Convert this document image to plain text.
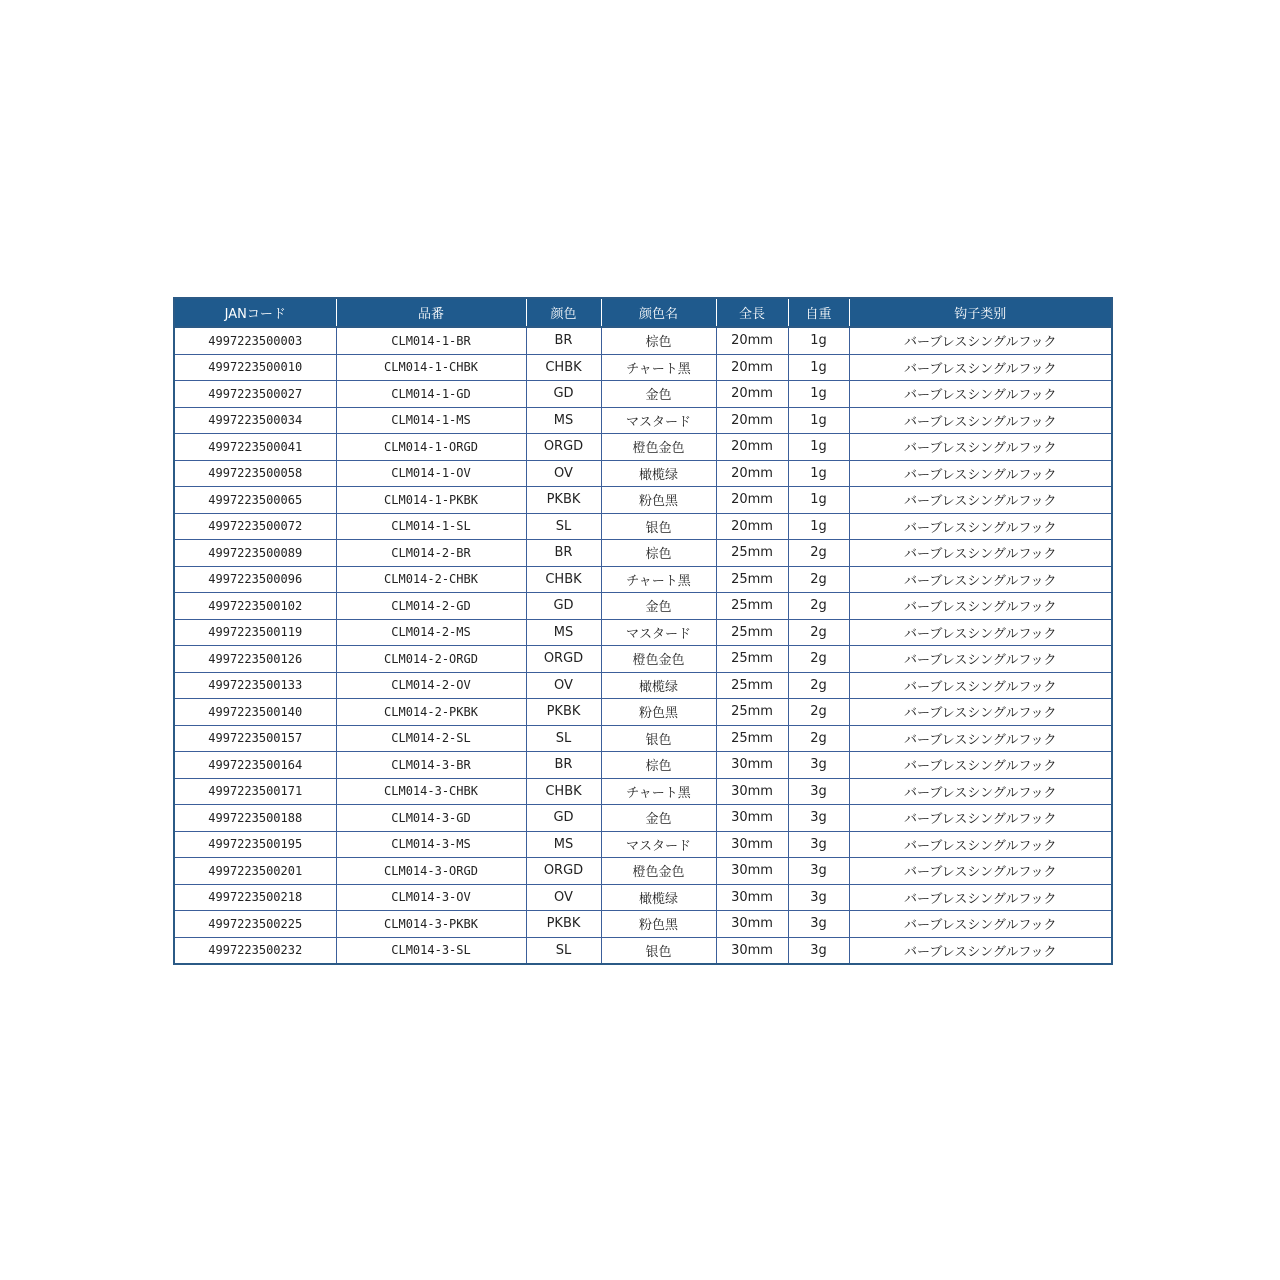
JANコード	品番	颜色	颜色名	全長	自重	钩子类别
4997223500003	CLM014-1-BR	BR	棕色	20mm	1g	バーブレスシングルフック
4997223500010	CLM014-1-CHBK	CHBK	チャート黑	20mm	1g	バーブレスシングルフック
4997223500027	CLM014-1-GD	GD	金色	20mm	1g	バーブレスシングルフック
4997223500034	CLM014-1-MS	MS	マスタード	20mm	1g	バーブレスシングルフック
4997223500041	CLM014-1-ORGD	ORGD	橙色金色	20mm	1g	バーブレスシングルフック
4997223500058	CLM014-1-OV	OV	橄榄绿	20mm	1g	バーブレスシングルフック
4997223500065	CLM014-1-PKBK	PKBK	粉色黑	20mm	1g	バーブレスシングルフック
4997223500072	CLM014-1-SL	SL	银色	20mm	1g	バーブレスシングルフック
4997223500089	CLM014-2-BR	BR	棕色	25mm	2g	バーブレスシングルフック
4997223500096	CLM014-2-CHBK	CHBK	チャート黑	25mm	2g	バーブレスシングルフック
4997223500102	CLM014-2-GD	GD	金色	25mm	2g	バーブレスシングルフック
4997223500119	CLM014-2-MS	MS	マスタード	25mm	2g	バーブレスシングルフック
4997223500126	CLM014-2-ORGD	ORGD	橙色金色	25mm	2g	バーブレスシングルフック
4997223500133	CLM014-2-OV	OV	橄榄绿	25mm	2g	バーブレスシングルフック
4997223500140	CLM014-2-PKBK	PKBK	粉色黑	25mm	2g	バーブレスシングルフック
4997223500157	CLM014-2-SL	SL	银色	25mm	2g	バーブレスシングルフック
4997223500164	CLM014-3-BR	BR	棕色	30mm	3g	バーブレスシングルフック
4997223500171	CLM014-3-CHBK	CHBK	チャート黑	30mm	3g	バーブレスシングルフック
4997223500188	CLM014-3-GD	GD	金色	30mm	3g	バーブレスシングルフック
4997223500195	CLM014-3-MS	MS	マスタード	30mm	3g	バーブレスシングルフック
4997223500201	CLM014-3-ORGD	ORGD	橙色金色	30mm	3g	バーブレスシングルフック
4997223500218	CLM014-3-OV	OV	橄榄绿	30mm	3g	バーブレスシングルフック
4997223500225	CLM014-3-PKBK	PKBK	粉色黑	30mm	3g	バーブレスシングルフック
4997223500232	CLM014-3-SL	SL	银色	30mm	3g	バーブレスシングルフック
